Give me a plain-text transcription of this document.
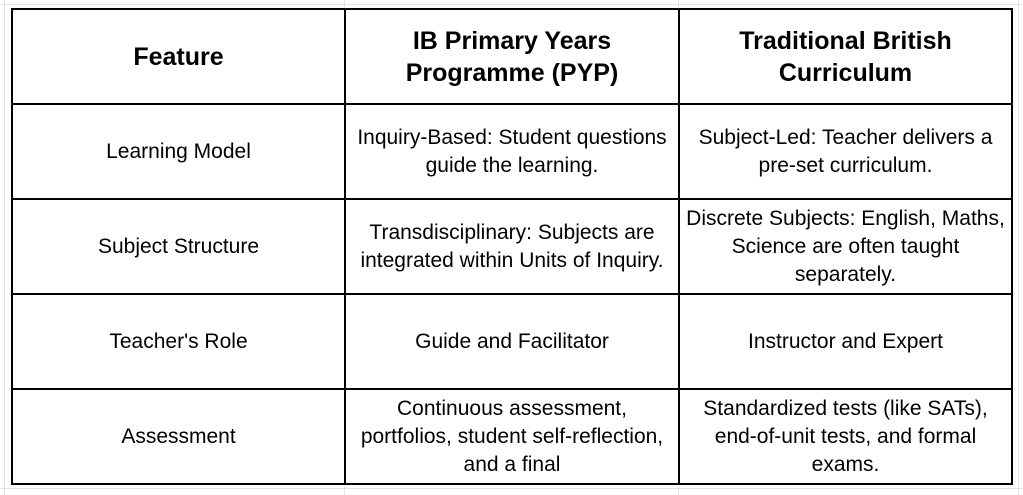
Feature	IB Primary Years Programme (PYP)	Traditional British Curriculum
Learning Model	Inquiry-Based: Student questions guide the learning.	Subject-Led: Teacher delivers a pre-set curriculum.
Subject Structure	Transdisciplinary: Subjects are integrated within Units of Inquiry.	Discrete Subjects: English, Maths, Science are often taught separately.
Teacher's Role	Guide and Facilitator	Instructor and Expert
Assessment	Continuous assessment, portfolios, student self-reflection, and a final	Standardized tests (like SATs), end-of-unit tests, and formal exams.
